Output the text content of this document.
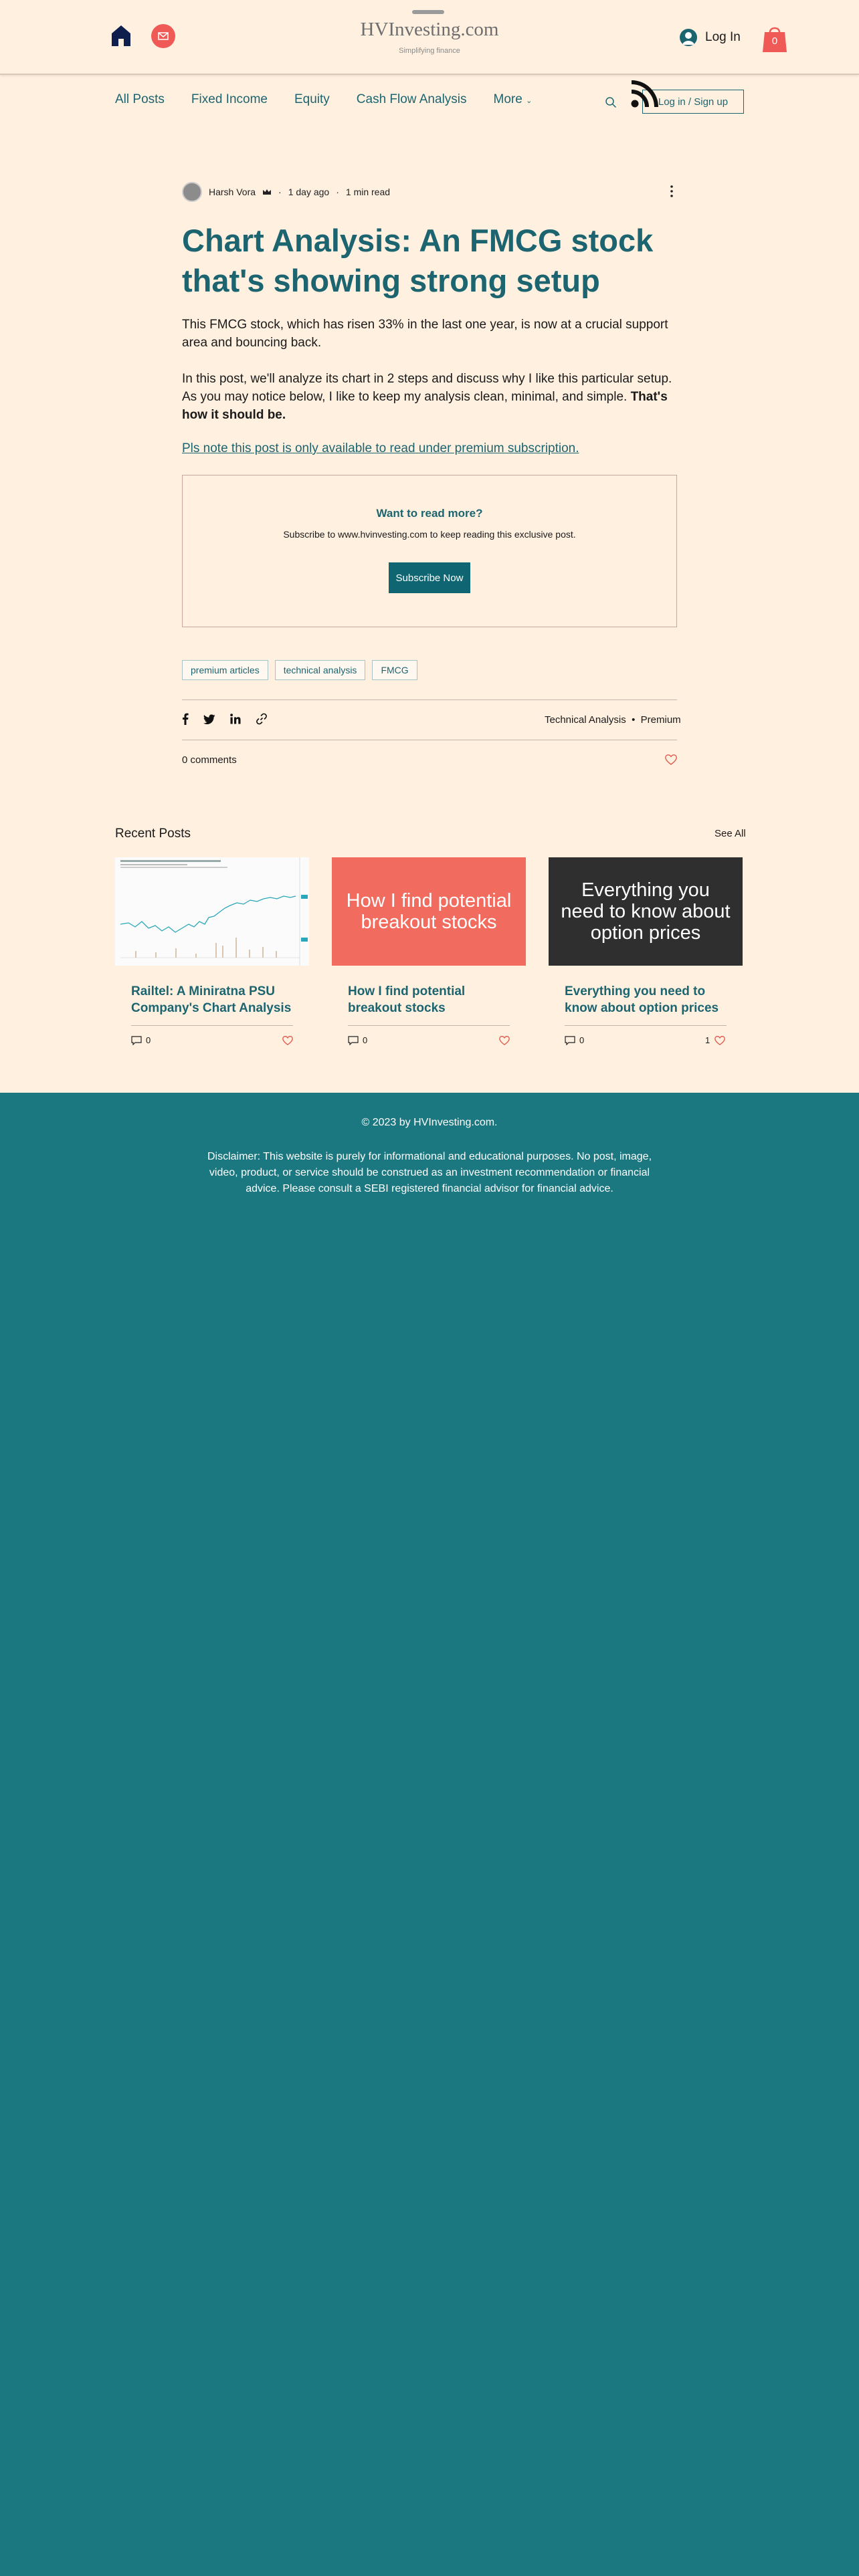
HVInvesting.com
Simplifying finance
Log In	0
All Posts Fixed Income Equity Cash Flow Analysis More ⌄	Log in / Sign up
Harsh Vora · 1 day ago · 1 min read
Chart Analysis: An FMCG stock that's showing strong setup
This FMCG stock, which has risen 33% in the last one year, is now at a crucial support area and bouncing back.
In this post, we'll analyze its chart in 2 steps and discuss why I like this particular setup. As you may notice below, I like to keep my analysis clean, minimal, and simple. That's how it should be.
Pls note this post is only available to read under premium subscription.
Want to read more?
Subscribe to www.hvinvesting.com to keep reading this exclusive post.
Subscribe Now
premium articles	technical analysis	FMCG
Technical Analysis  •  Premium
0 comments
Recent Posts	See All
How I find potential breakout stocks
Everything you need to know about option prices
Railtel: A Miniratna PSU Company's Chart Analysis
How I find potential breakout stocks
Everything you need to know about option prices
0	0	0	1
© 2023 by HVInvesting.com.
Disclaimer: This website is purely for informational and educational purposes. No post, image, video, product, or service should be construed as an investment recommendation or financial advice. Please consult a SEBI registered financial advisor for financial advice.
